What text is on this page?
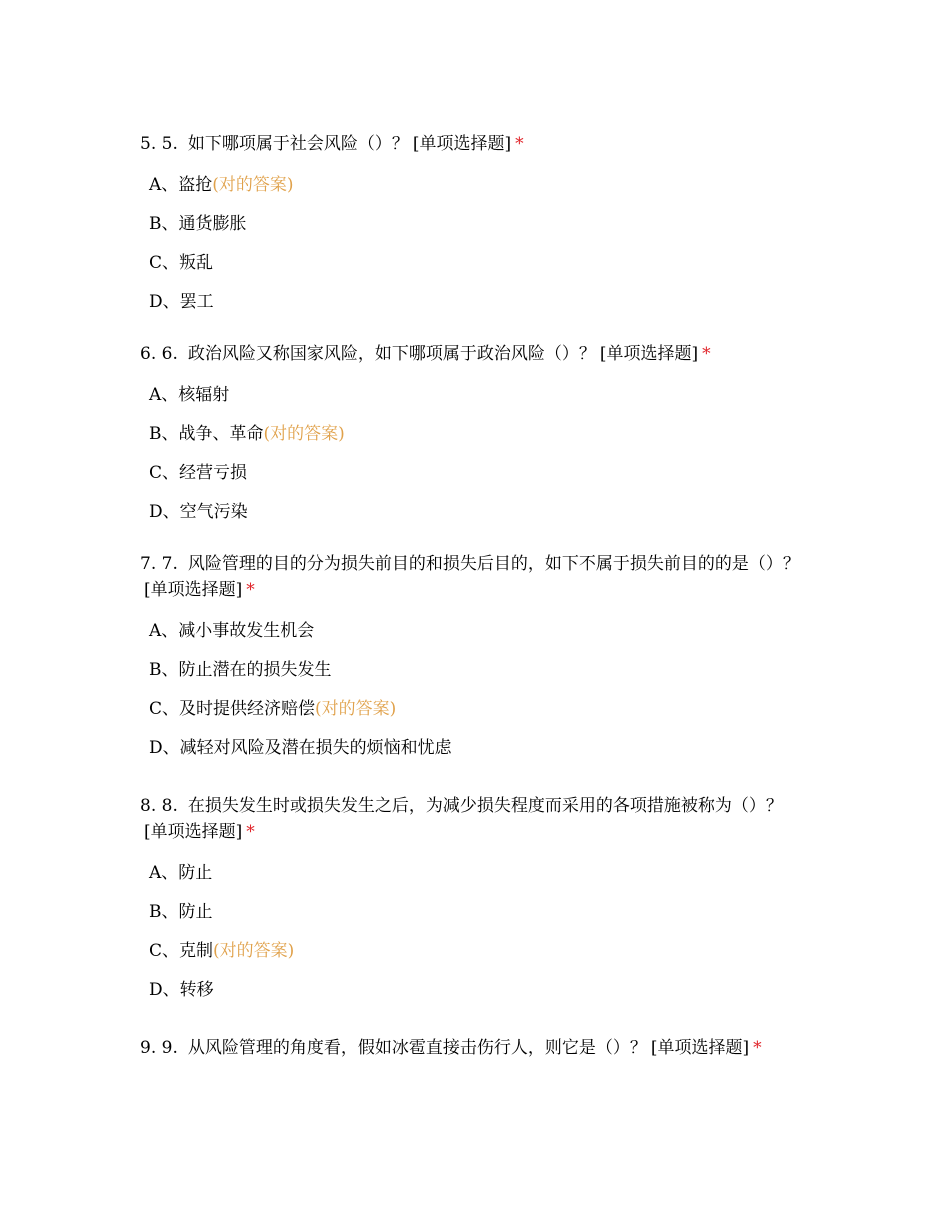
5. 5. 如下哪项属于社会风险（）？ [单项选择题] *

A、盗抢(对的答案)
B、通货膨胀
C、叛乱
D、罢工

6. 6. 政治风险又称国家风险，如下哪项属于政治风险（）？ [单项选择题] *

A、核辐射
B、战争、革命(对的答案)
C、经营亏损
D、空气污染

7. 7. 风险管理的目的分为损失前目的和损失后目的，如下不属于损失前目的的是（）？[单项选择题] *

A、减小事故发生机会
B、防止潜在的损失发生
C、及时提供经济赔偿(对的答案)
D、减轻对风险及潜在损失的烦恼和忧虑

8. 8. 在损失发生时或损失发生之后，为减少损失程度而采用的各项措施被称为（）？[单项选择题] *

A、防止
B、防止
C、克制(对的答案)
D、转移

9. 9. 从风险管理的角度看，假如冰雹直接击伤行人，则它是（）？ [单项选择题] *
